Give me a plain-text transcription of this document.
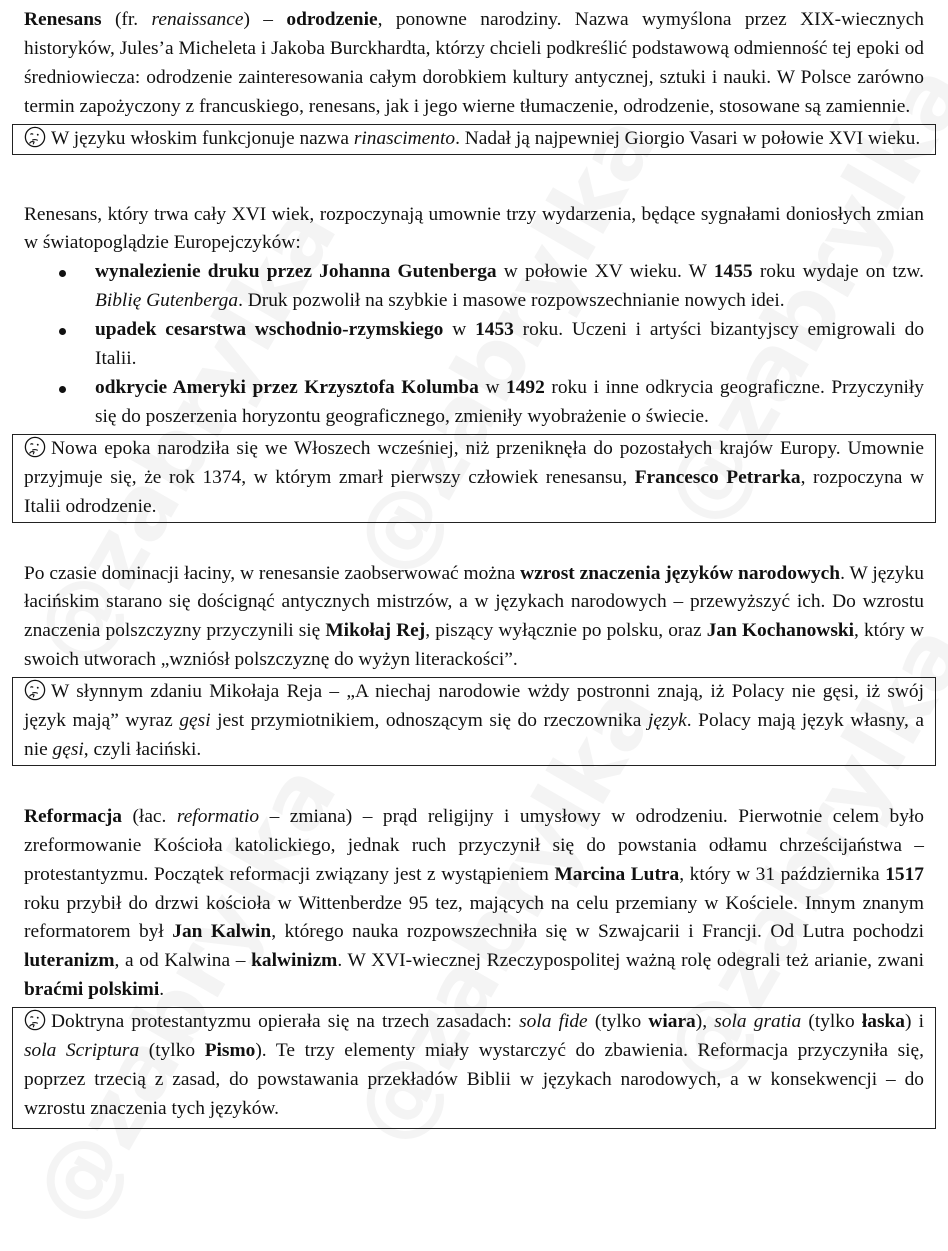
Renesans (fr. renaissance) – odrodzenie, ponowne narodziny. Nazwa wymyślona przez XIX-wiecznych historyków, Jules’a Micheleta i Jakoba Burckhardta, którzy chcieli podkreślić podstawową odmienność tej epoki od średniowiecza: odrodzenie zainteresowania całym dorobkiem kultury antycznej, sztuki i nauki. W Polsce zarówno termin zapożyczony z francuskiego, renesans, jak i jego wierne tłumaczenie, odrodzenie, stosowane są zamiennie.

W języku włoskim funkcjonuje nazwa rinascimento. Nadał ją najpewniej Giorgio Vasari w połowie XVI wieku.

Renesans, który trwa cały XVI wiek, rozpoczynają umownie trzy wydarzenia, będące sygnałami doniosłych zmian w światopoglądzie Europejczyków:

wynalezienie druku przez Johanna Gutenberga w połowie XV wieku. W 1455 roku wydaje on tzw. Biblię Gutenberga. Druk pozwolił na szybkie i masowe rozpowszechnianie nowych idei.
upadek cesarstwa wschodnio-rzymskiego w 1453 roku. Uczeni i artyści bizantyjscy emigrowali do Italii.
odkrycie Ameryki przez Krzysztofa Kolumba w 1492 roku i inne odkrycia geograficzne. Przyczyniły się do poszerzenia horyzontu geograficznego, zmieniły wyobrażenie o świecie.
Nowa epoka narodziła się we Włoszech wcześniej, niż przeniknęła do pozostałych krajów Europy. Umownie przyjmuje się, że rok 1374, w którym zmarł pierwszy człowiek renesansu, Francesco Petrarka, rozpoczyna w Italii odrodzenie.

Po czasie dominacji łaciny, w renesansie zaobserwować można wzrost znaczenia języków narodowych. W języku łacińskim starano się doścignąć antycznych mistrzów, a w językach narodowych – przewyższyć ich. Do wzrostu znaczenia polszczyzny przyczynili się Mikołaj Rej, piszący wyłącznie po polsku, oraz Jan Kochanowski, który w swoich utworach „wzniósł polszczyznę do wyżyn literackości”.

W słynnym zdaniu Mikołaja Reja – „A niechaj narodowie wżdy postronni znają, iż Polacy nie gęsi, iż swój język mają” wyraz gęsi jest przymiotnikiem, odnoszącym się do rzeczownika język. Polacy mają język własny, a nie gęsi, czyli łaciński.

Reformacja (łac. reformatio – zmiana) – prąd religijny i umysłowy w odrodzeniu. Pierwotnie celem było zreformowanie Kościoła katolickiego, jednak ruch przyczynił się do powstania odłamu chrześcijaństwa – protestantyzmu. Początek reformacji związany jest z wystąpieniem Marcina Lutra, który w 31 października 1517 roku przybił do drzwi kościoła w Wittenberdze 95 tez, mających na celu przemiany w Kościele. Innym znanym reformatorem był Jan Kalwin, którego nauka rozpowszechniła się w Szwajcarii i Francji. Od Lutra pochodzi luteranizm, a od Kalwina – kalwinizm. W XVI-wiecznej Rzeczypospolitej ważną rolę odegrali też arianie, zwani braćmi polskimi.

Doktryna protestantyzmu opierała się na trzech zasadach: sola fide (tylko wiara), sola gratia (tylko łaska) i sola Scriptura (tylko Pismo). Te trzy elementy miały wystarczyć do zbawienia. Reformacja przyczyniła się, poprzez trzecią z zasad, do powstawania przekładów Biblii w językach narodowych, a w konsekwencji – do wzrostu znaczenia tych języków.
